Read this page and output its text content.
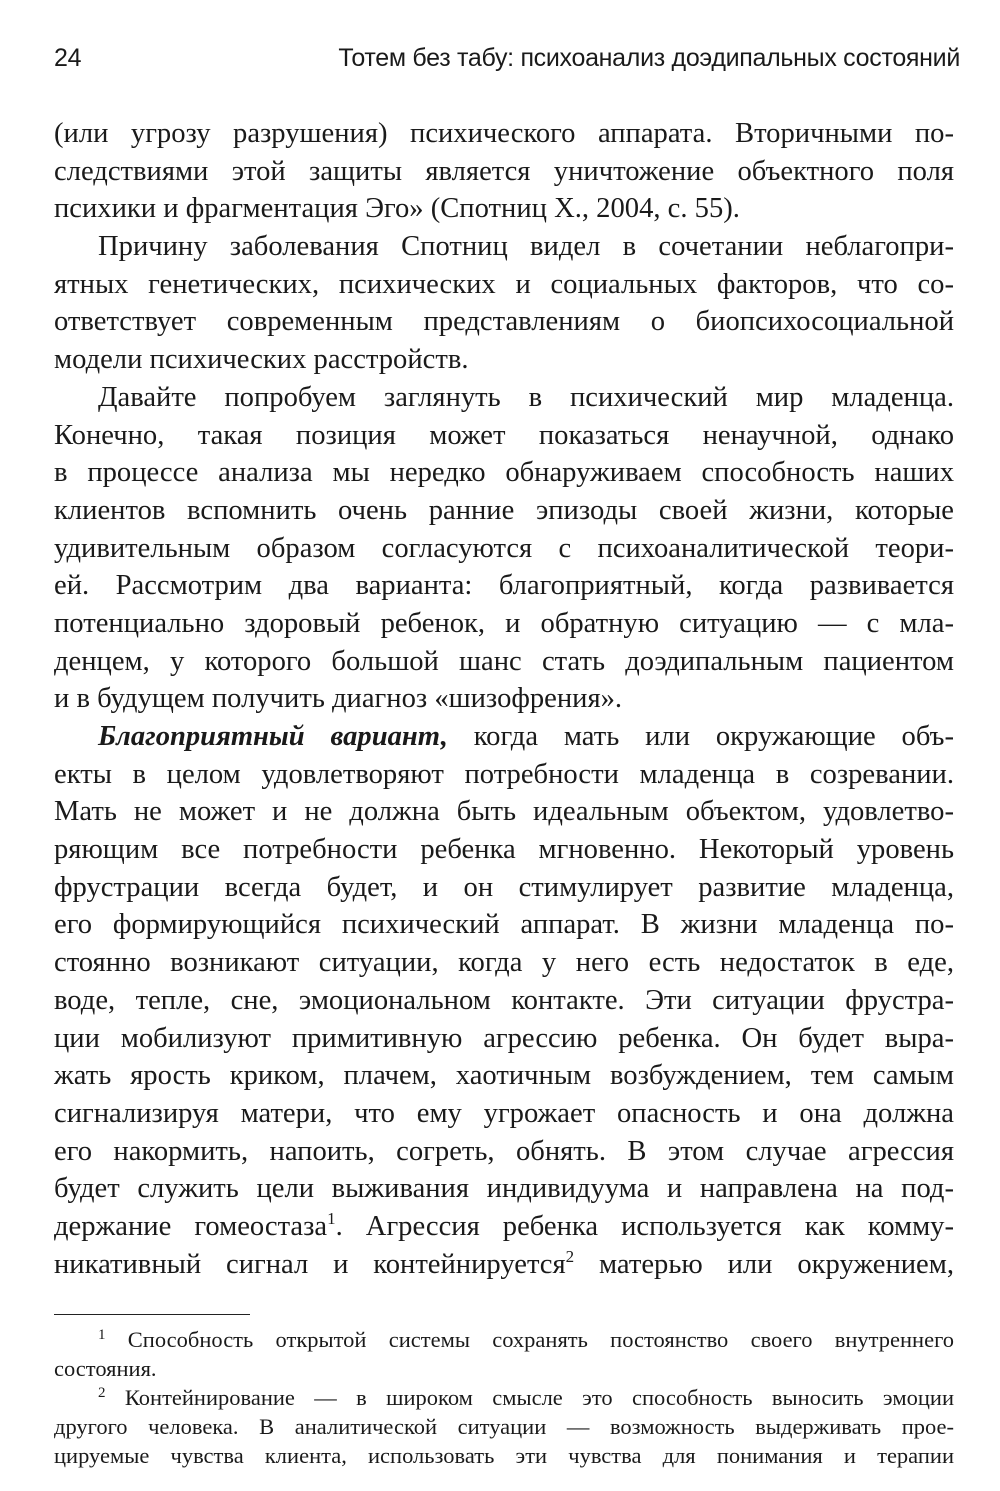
24	Тотем без табу: психоанализ доэдипальных состояний
(или угрозу разрушения) психического аппарата. Вторичными по-
следствиями этой защиты является уничтожение объектного поля
психики и фрагментация Эго» (Спотниц Х., 2004, с. 55).
Причину заболевания Спотниц видел в сочетании неблагопри-
ятных генетических, психических и социальных факторов, что со-
ответствует современным представлениям о биопсихосоциальной
модели психических расстройств.
Давайте попробуем заглянуть в психический мир младенца.
Конечно, такая позиция может показаться ненаучной, однако
в процессе анализа мы нередко обнаруживаем способность наших
клиентов вспомнить очень ранние эпизоды своей жизни, которые
удивительным образом согласуются с психоаналитической теори-
ей. Рассмотрим два варианта: благоприятный, когда развивается
потенциально здоровый ребенок, и обратную ситуацию — с мла-
денцем, у которого большой шанс стать доэдипальным пациентом
и в будущем получить диагноз «шизофрения».
Благоприятный вариант, когда мать или окружающие объ-
екты в целом удовлетворяют потребности младенца в созревании.
Мать не может и не должна быть идеальным объектом, удовлетво-
ряющим все потребности ребенка мгновенно. Некоторый уровень
фрустрации всегда будет, и он стимулирует развитие младенца,
его формирующийся психический аппарат. В жизни младенца по-
стоянно возникают ситуации, когда у него есть недостаток в еде,
воде, тепле, сне, эмоциональном контакте. Эти ситуации фрустра-
ции мобилизуют примитивную агрессию ребенка. Он будет выра-
жать ярость криком, плачем, хаотичным возбуждением, тем самым
сигнализируя матери, что ему угрожает опасность и она должна
его накормить, напоить, согреть, обнять. В этом случае агрессия
будет служить цели выживания индивидуума и направлена на под-
держание гомеостаза$^1$. Агрессия ребенка используется как комму-
никативный сигнал и контейнируется$^2$ матерью или окружением,
$^1$ Способность открытой системы сохранять постоянство своего внутреннего
состояния.
$^2$ Контейнирование — в широком смысле это способность выносить эмоции
другого человека. В аналитической ситуации — возможность выдерживать прое-
цируемые чувства клиента, использовать эти чувства для понимания и терапии
